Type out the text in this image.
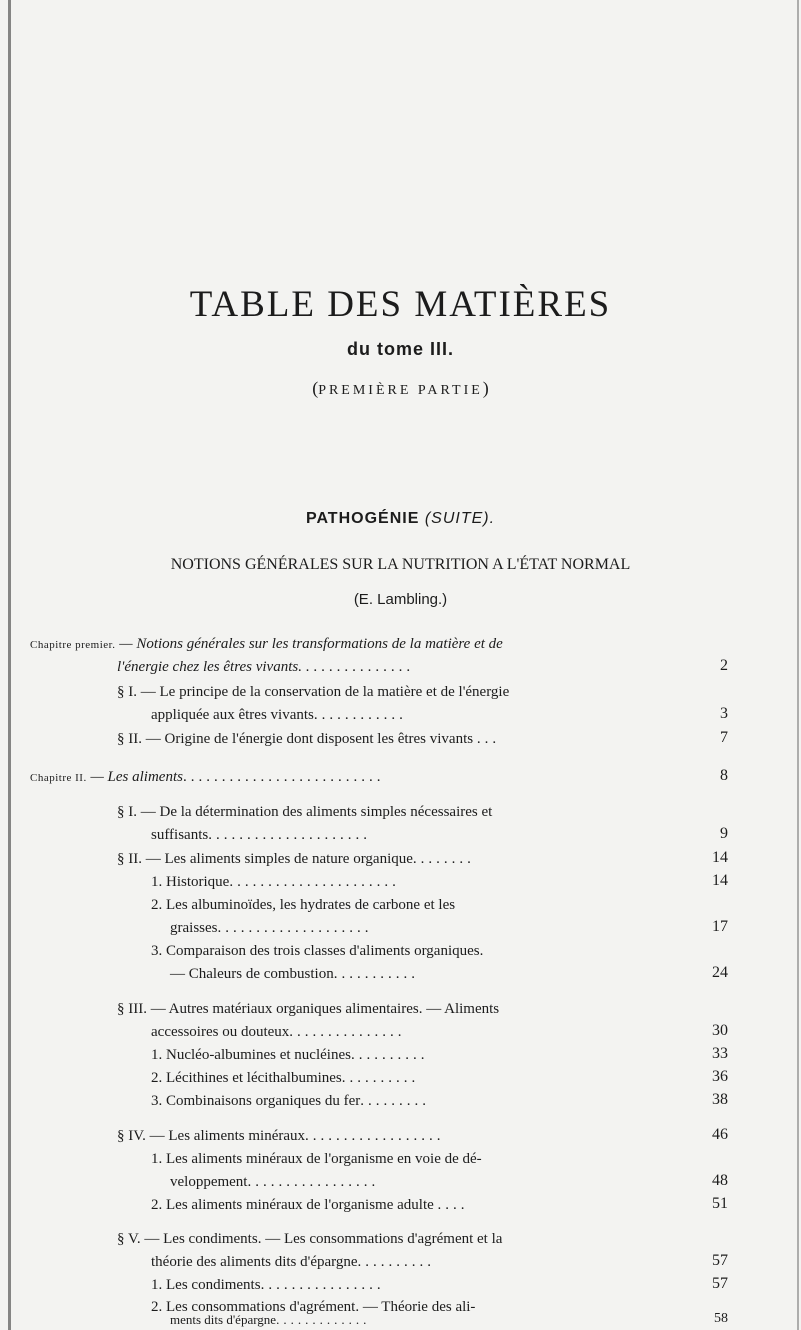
TABLE DES MATIÈRES
du tome III.
(PREMIÈRE PARTIE)
PATHOGÉNIE (SUITE).
NOTIONS GÉNÉRALES SUR LA NUTRITION A L'ÉTAT NORMAL
(E. Lambling.)
Chapitre premier. — Notions générales sur les transformations de la matière et de
l'énergie chez les êtres vivants...............	2
§ I. — Le principe de la conservation de la matière et de l'énergie
appliquée aux êtres vivants............	3
§ II. — Origine de l'énergie dont disposent les êtres vivants ...	7
Chapitre II. — Les aliments..........................	8
§ I. — De la détermination des aliments simples nécessaires et
suffisants.....................	9
§ II. — Les aliments simples de nature organique........	14
1. Historique......................	14
2. Les albuminoïdes, les hydrates de carbone et les
graisses....................	17
3. Comparaison des trois classes d'aliments organiques.
— Chaleurs de combustion...........	24
§ III. — Autres matériaux organiques alimentaires. — Aliments
accessoires ou douteux...............	30
1. Nucléo-albumines et nucléines..........	33
2. Lécithines et lécithalbumines..........	36
3. Combinaisons organiques du fer.........	38
§ IV. — Les aliments minéraux..................	46
1. Les aliments minéraux de l'organisme en voie de dé-
veloppement.................	48
2. Les aliments minéraux de l'organisme adulte ....	51
§ V. — Les condiments. — Les consommations d'agrément et la
théorie des aliments dits d'épargne..........	57
1. Les condiments................	57
2. Les consommations d'agrément. — Théorie des ali-
ments dits d'épargne.............	58
